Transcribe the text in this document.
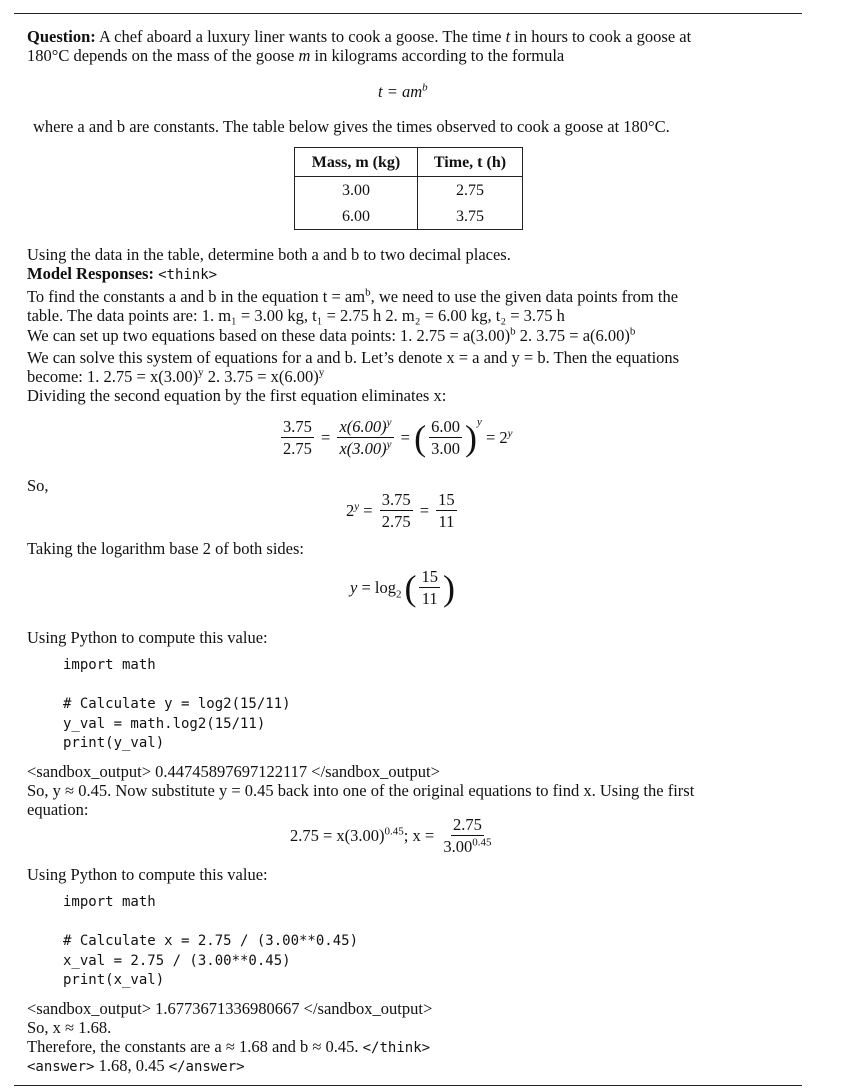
Question: A chef aboard a luxury liner wants to cook a goose. The time t in hours to cook a goose at
180°C depends on the mass of the goose m in kilograms according to the formula
$t = am^b$
where a and b are constants. The table below gives the times observed to cook a goose at 180°C.
Mass, m (kg)	Time, t (h)
3.00	2.75
6.00	3.75
Using the data in the table, determine both a and b to two decimal places.
Model Responses: <think>
To find the constants a and b in the equation $t = am^b$, we need to use the given data points from the
table. The data points are: 1. m₁ = 3.00 kg, t₁ = 2.75 h 2. m₂ = 6.00 kg, t₂ = 3.75 h
We can set up two equations based on these data points: 1. $2.75 = a(3.00)^b$ 2. $3.75 = a(6.00)^b$
We can solve this system of equations for a and b. Let’s denote x = a and y = b. Then the equations
become: 1. $2.75 = x(3.00)^y$ 2. $3.75 = x(6.00)^y$
Dividing the second equation by the first equation eliminates x:
$\frac{3.75}{2.75} = \frac{x(6.00)^y}{x(3.00)^y}$ = ( $\frac{6.00}{3.00} )^y$
= $2^y$
So,
$2^y = \frac{3.75}{2.75} = \frac{15}{11}$
Taking the logarithm base 2 of both sides:
$y = \log_2$ ( $\frac{15}{11}$ )
Using Python to compute this value:
import math

# Calculate y = log2(15/11)
y_val = math.log2(15/11)
print(y_val)
<sandbox_output> 0.44745897697122117 </sandbox_output>
So, y ≈ 0.45. Now substitute y = 0.45 back into one of the original equations to find x. Using the first
equation:
$2.75 = x(3.00)^{0.45}$; $x = \frac{2.75}{3.00^{0.45}}$
Using Python to compute this value:
import math

# Calculate x = 2.75 / (3.00**0.45)
x_val = 2.75 / (3.00**0.45)
print(x_val)
<sandbox_output> 1.6773671336980667 </sandbox_output>
So, x ≈ 1.68.
Therefore, the constants are a ≈ 1.68 and b ≈ 0.45. </think>
<answer> 1.68, 0.45 </answer>
